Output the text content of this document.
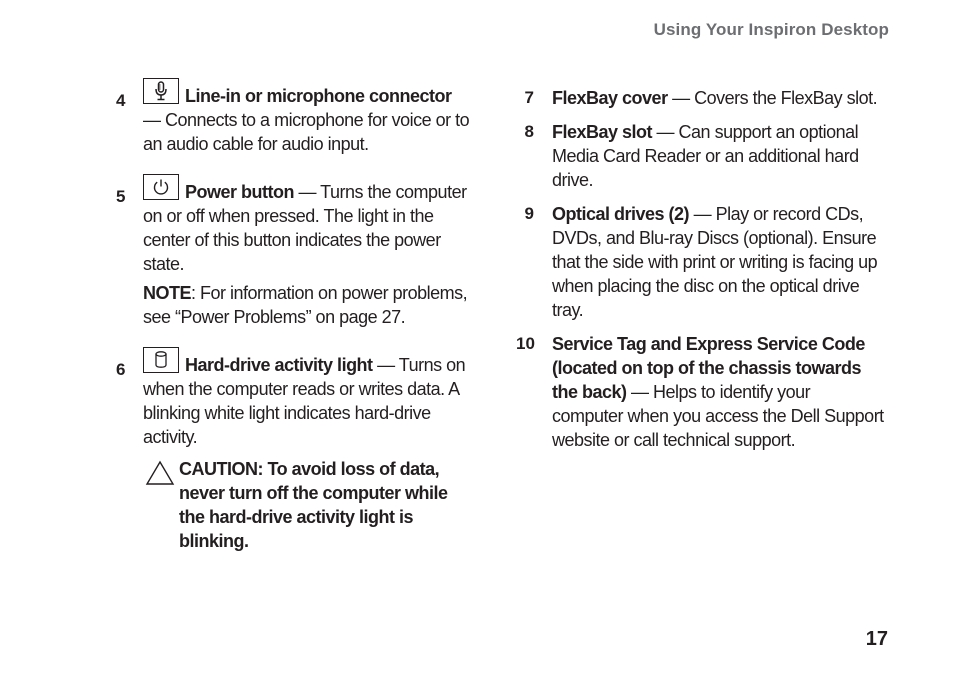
Using Your Inspiron Desktop
4	Line-in or microphone connector — Connects to a microphone for voice or to an audio cable for audio input.

5	Power button — Turns the computer on or off when pressed. The light in the center of this button indicates the power state.

NOTE: For information on power problems, see “Power Problems” on page 27.

6	Hard-drive activity light — Turns on when the computer reads or writes data. A blinking white light indicates hard-drive activity.

CAUTION: To avoid loss of data, never turn off the computer while the hard-drive activity light is blinking.
7 FlexBay cover — Covers the FlexBay slot.

8 FlexBay slot — Can support an optional Media Card Reader or an additional hard drive.

9 Optical drives (2) — Play or record CDs, DVDs, and Blu-ray Discs (optional). Ensure that the side with print or writing is facing up when placing the disc on the optical drive tray.

10 Service Tag and Express Service Code (located on top of the chassis towards the back) — Helps to identify your computer when you access the Dell Support website or call technical support.

17
